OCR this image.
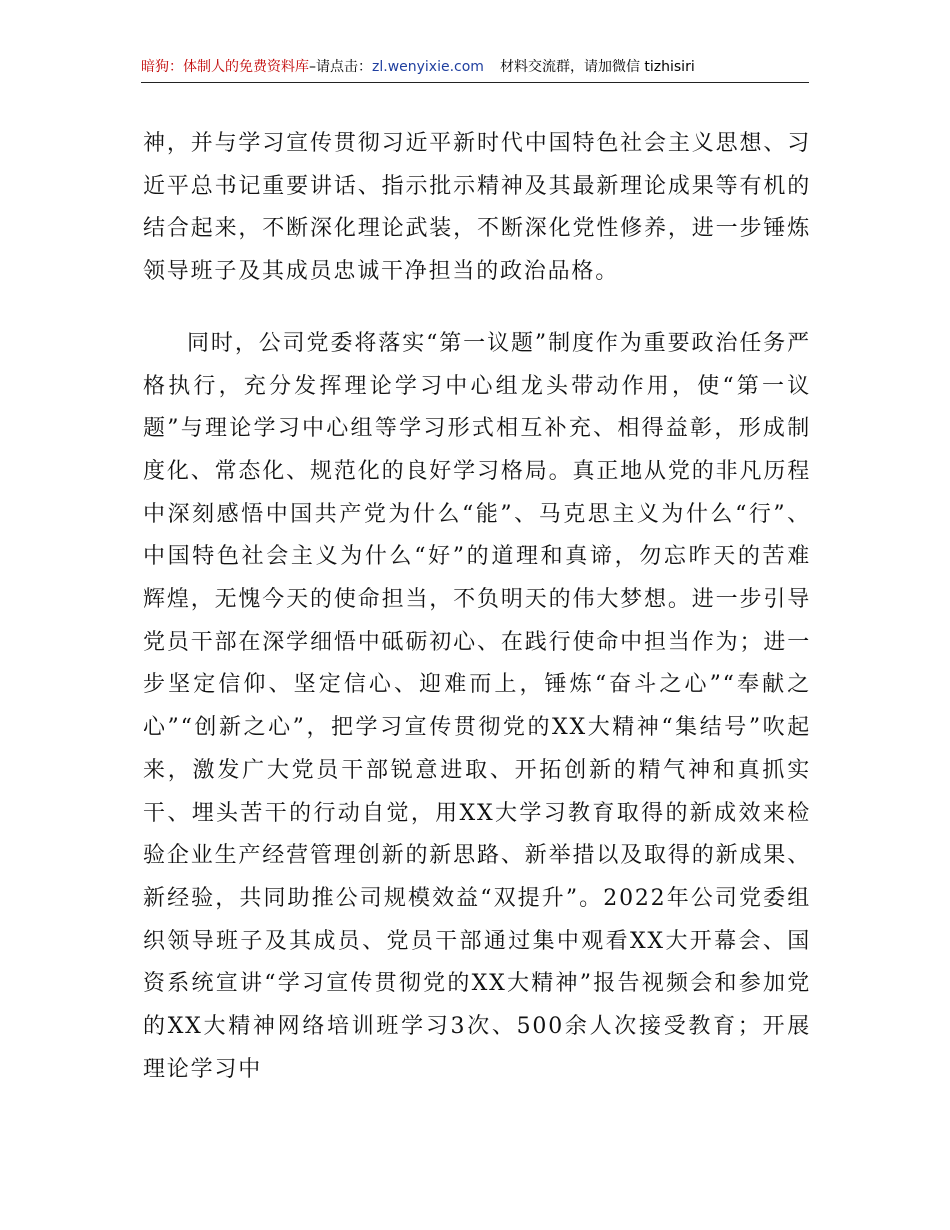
暗狗：体制人的免费资料库–请点击：zl.wenyixie.com 材料交流群，请加微信 tizhisiri

神，并与学习宣传贯彻习近平新时代中国特色社会主义思想、习近平总书记重要讲话、指示批示精神及其最新理论成果等有机的结合起来，不断深化理论武装，不断深化党性修养，进一步锤炼领导班子及其成员忠诚干净担当的政治品格。

同时，公司党委将落实“第一议题”制度作为重要政治任务严格执行，充分发挥理论学习中心组龙头带动作用，使“第一议题”与理论学习中心组等学习形式相互补充、相得益彰，形成制度化、常态化、规范化的良好学习格局。真正地从党的非凡历程中深刻感悟中国共产党为什么“能”、马克思主义为什么“行”、中国特色社会主义为什么“好”的道理和真谛，勿忘昨天的苦难辉煌，无愧今天的使命担当，不负明天的伟大梦想。进一步引导党员干部在深学细悟中砥砺初心、在践行使命中担当作为；进一步坚定信仰、坚定信心、迎难而上，锤炼“奋斗之心”“奉献之心”“创新之心”，把学习宣传贯彻党的XX大精神“集结号”吹起来，激发广大党员干部锐意进取、开拓创新的精气神和真抓实干、埋头苦干的行动自觉，用XX大学习教育取得的新成效来检验企业生产经营管理创新的新思路、新举措以及取得的新成果、新经验，共同助推公司规模效益“双提升”。2022年公司党委组织领导班子及其成员、党员干部通过集中观看XX大开幕会、国资系统宣讲“学习宣传贯彻党的XX大精神”报告视频会和参加党的XX大精神网络培训班学习3次、500余人次接受教育；开展理论学习中
